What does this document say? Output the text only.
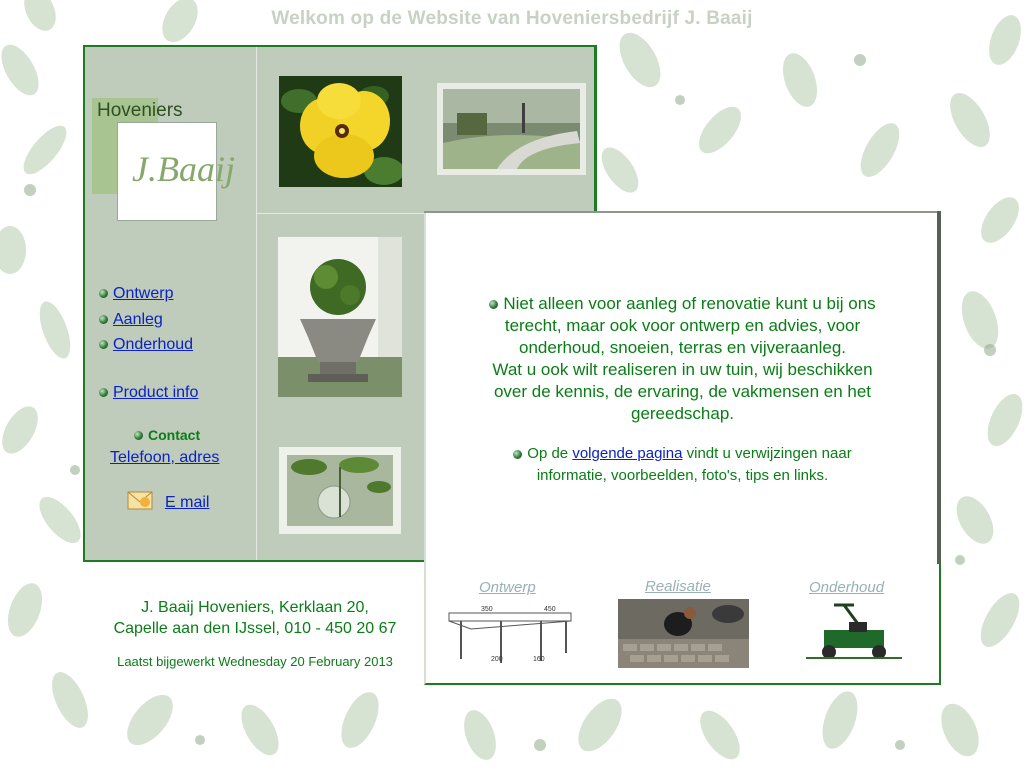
Welkom op de Website van Hoveniersbedrijf J. Baaij
Hoveniers
J.Baaij
Ontwerp
Aanleg
Onderhoud
Product info
Contact
Telefoon, adres
E mail
Niet alleen voor aanleg of renovatie kunt u bij ons
terecht, maar ook voor ontwerp en advies, voor
onderhoud, snoeien, terras en vijveraanleg.
Wat u ook wilt realiseren in uw tuin, wij beschikken
over de kennis, de ervaring, de vakmensen en het
gereedschap.
Op de volgende pagina vindt u verwijzingen naar
informatie, voorbeelden, foto's, tips en links.
Ontwerp
350	450
200	160
Realisatie	Onderhoud
J. Baaij Hoveniers, Kerklaan 20,
Capelle aan den IJssel, 010 - 450 20 67
Laatst bijgewerkt Wednesday 20 February 2013
